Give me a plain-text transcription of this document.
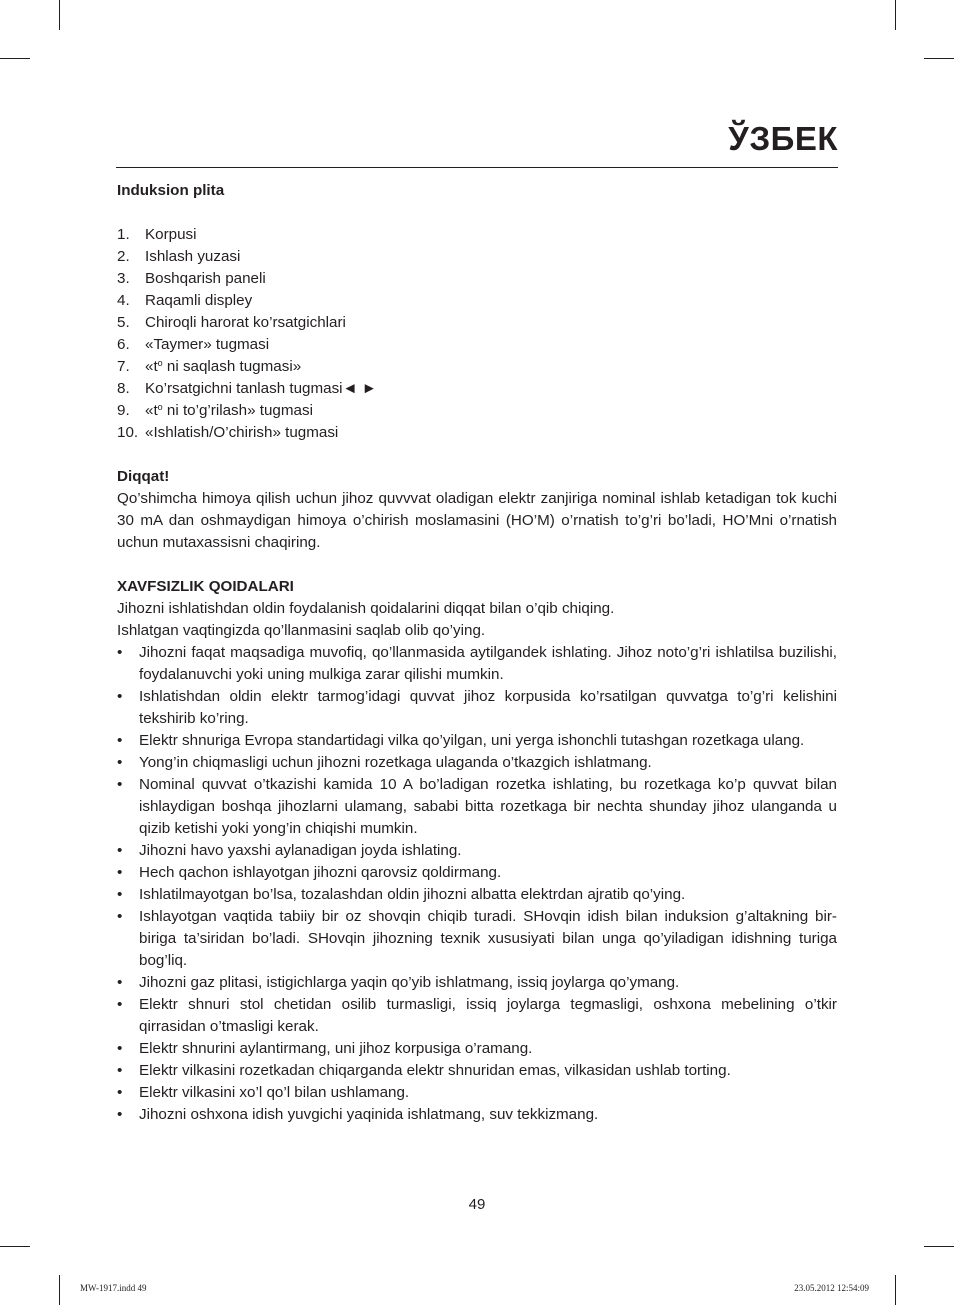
ЎЗБЕК
Induksion plita
1.	Korpusi
2.	Ishlash yuzasi
3.	Boshqarish paneli
4.	Raqamli displey
5.	Chiroqli harorat ko’rsatgichlari
6.	«Taymer» tugmasi
7.	«$t^o$ ni saqlash tugmasi»
8.	Ko’rsatgichni tanlash tugmasi◄ ►
9.	«$t^o$ ni to’g’rilash» tugmasi
10. «Ishlatish/O’chirish» tugmasi
Diqqat!
Qo’shimcha himoya qilish uchun jihoz quvvvat oladigan elektr zanjiriga nominal ishlab ketadigan tok kuchi 30 mA dan oshmaydigan himoya o’chirish moslamasini (HO’M) o’rnatish to’g’ri bo’ladi, HO’Mni o’rnatish uchun mutaxassisni chaqiring.
XAVFSIZLIK QOIDALARI
Jihozni ishlatishdan oldin foydalanish qoidalarini diqqat bilan o’qib chiqing.
Ishlatgan vaqtingizda qo’llanmasini saqlab olib qo’ying.
•	Jihozni faqat maqsadiga muvofiq, qo’llanmasida aytilgandek ishlating. Jihoz noto’g’ri ishlatilsa buzilishi, foydalanuvchi yoki uning mulkiga zarar qilishi mumkin.
•	Ishlatishdan oldin elektr tarmog’idagi quvvat jihoz korpusida ko’rsatilgan quvvatga to’g’ri kelishini tekshirib ko’ring.
•	Elektr shnuriga Evropa standartidagi vilka qo’yilgan, uni yerga ishonchli tutashgan rozetkaga ulang.
•	Yong’in chiqmasligi uchun jihozni rozetkaga ulaganda o’tkazgich ishlatmang.
•	Nominal quvvat o’tkazishi kamida 10 A bo’ladigan rozetka ishlating, bu rozetkaga ko’p quvvat bilan ishlaydigan boshqa jihozlarni ulamang, sababi bitta rozetkaga bir nechta shunday jihoz ulanganda u qizib ketishi yoki yong’in chiqishi mumkin.
•	Jihozni havo yaxshi aylanadigan joyda ishlating.
•	Hech qachon ishlayotgan jihozni qarovsiz qoldirmang.
•	Ishlatilmayotgan bo’lsa, tozalashdan oldin jihozni albatta elektrdan ajratib qo’ying.
•	Ishlayotgan vaqtida tabiiy bir oz shovqin chiqib turadi. SHovqin idish bilan induksion g’altakning bir-biriga ta’siridan bo’ladi. SHovqin jihozning texnik xususiyati bilan unga qo’yiladigan idishning turiga bog’liq.
•	Jihozni gaz plitasi, istigichlarga yaqin qo’yib ishlatmang, issiq joylarga qo’ymang.
•	Elektr shnuri stol chetidan osilib turmasligi, issiq joylarga tegmasligi, oshxona mebelining o’tkir qirrasidan o’tmasligi kerak.
•	Elektr shnurini aylantirmang, uni jihoz korpusiga o’ramang.
•	Elektr vilkasini rozetkadan chiqarganda elektr shnuridan emas, vilkasidan ushlab torting.
•	Elektr vilkasini xo’l qo’l bilan ushlamang.
•	Jihozni oshxona idish yuvgichi yaqinida ishlatmang, suv tekkizmang.
49
MW-1917.indd 49	23.05.2012 12:54:09
